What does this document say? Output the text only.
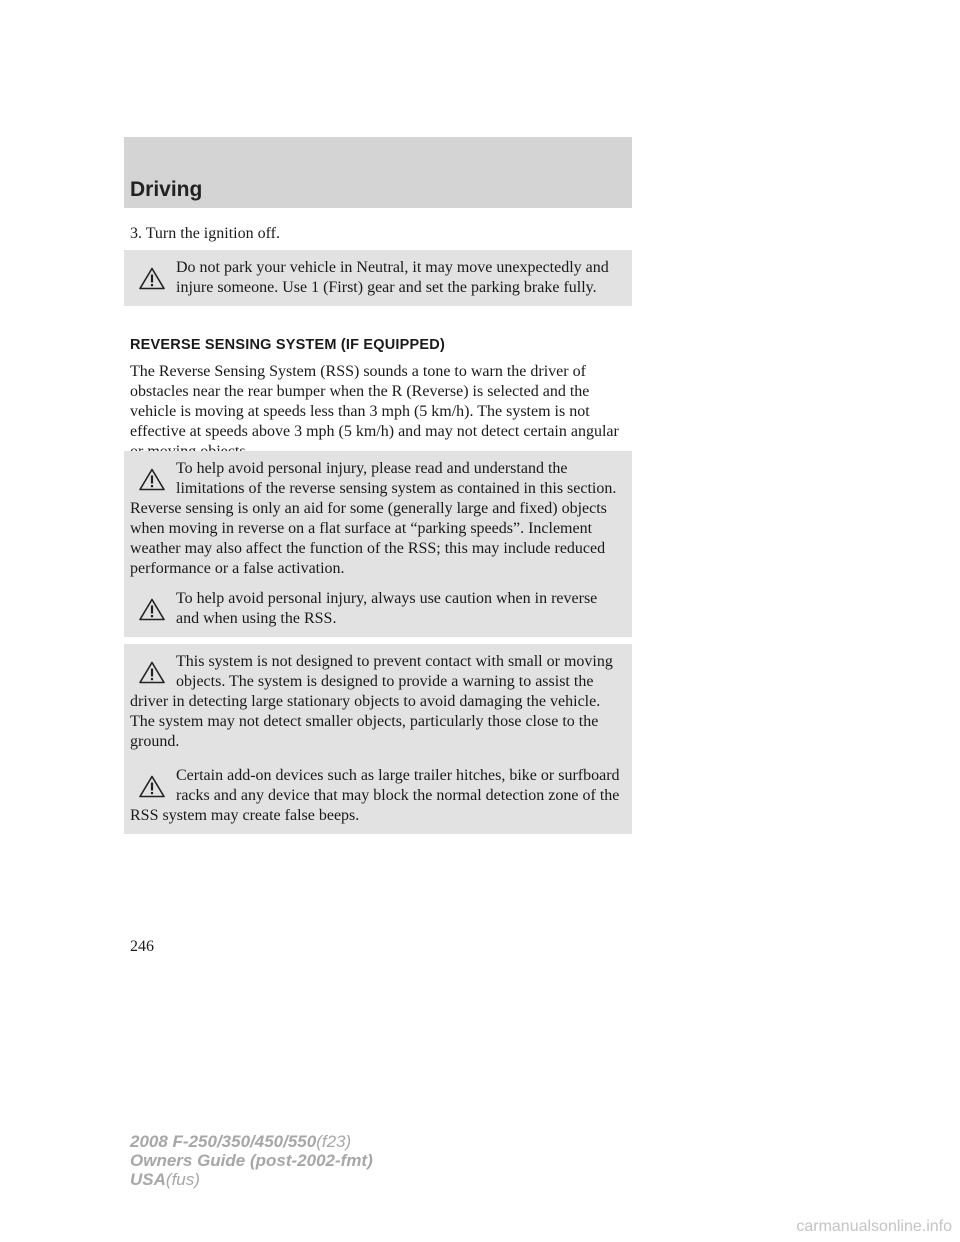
Driving
3. Turn the ignition off.
Do not park your vehicle in Neutral, it may move unexpectedly and injure someone. Use 1 (First) gear and set the parking brake fully.
REVERSE SENSING SYSTEM (IF EQUIPPED)
The Reverse Sensing System (RSS) sounds a tone to warn the driver of obstacles near the rear bumper when the R (Reverse) is selected and the vehicle is moving at speeds less than 3 mph (5 km/h). The system is not effective at speeds above 3 mph (5 km/h) and may not detect certain angular
To help avoid personal injury, please read and understand the limitations of the reverse sensing system as contained in this section. Reverse sensing is only an aid for some (generally large and fixed) objects when moving in reverse on a flat surface at “parking speeds”. Inclement weather may also affect the function of the RSS; this may include reduced performance or a false activation.
To help avoid personal injury, always use caution when in reverse and when using the RSS.
This system is not designed to prevent contact with small or moving objects. The system is designed to provide a warning to assist the driver in detecting large stationary objects to avoid damaging the vehicle. The system may not detect smaller objects, particularly those close to the ground.
Certain add-on devices such as large trailer hitches, bike or surfboard racks and any device that may block the normal detection zone of the RSS system may create false beeps.
246
2008 F-250/350/450/550(f23)
Owners Guide (post-2002-fmt)
USA(fus)
carmanualsonline.info
